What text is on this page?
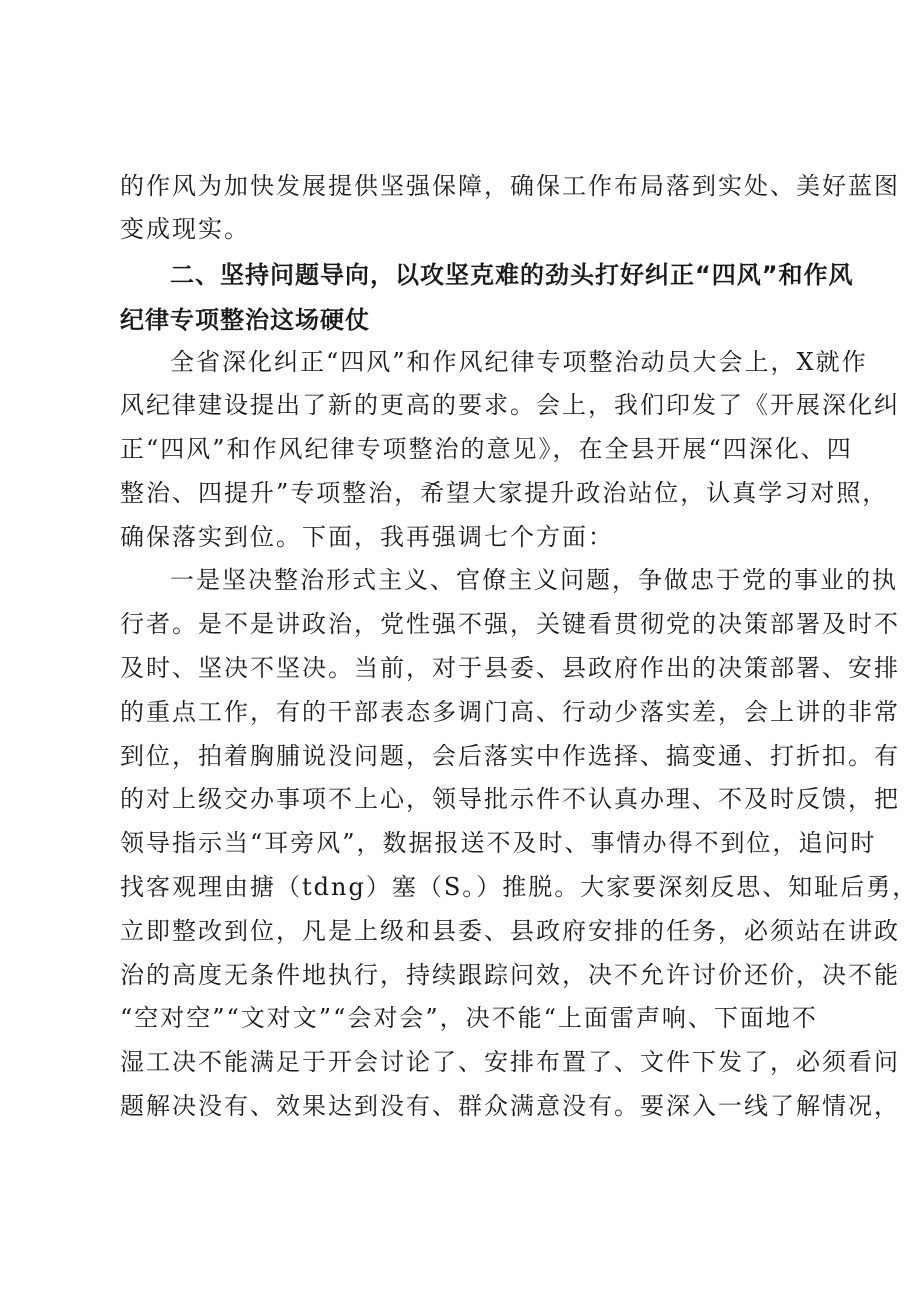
的作风为加快发展提供坚强保障，确保工作布局落到实处、美好蓝图
变成现实。
二、坚持问题导向，以攻坚克难的劲头打好纠正“四风”和作风
纪律专项整治这场硬仗
全省深化纠正“四风”和作风纪律专项整治动员大会上，X就作
风纪律建设提出了新的更高的要求。会上，我们印发了《开展深化纠
正“四风”和作风纪律专项整治的意见》，在全县开展“四深化、四
整治、四提升”专项整治，希望大家提升政治站位，认真学习对照，
确保落实到位。下面，我再强调七个方面：
一是坚决整治形式主义、官僚主义问题，争做忠于党的事业的执
行者。是不是讲政治，党性强不强，关键看贯彻党的决策部署及时不
及时、坚决不坚决。当前，对于县委、县政府作出的决策部署、安排
的重点工作，有的干部表态多调门高、行动少落实差，会上讲的非常
到位，拍着胸脯说没问题，会后落实中作选择、搞变通、打折扣。有
的对上级交办事项不上心，领导批示件不认真办理、不及时反馈，把
领导指示当“耳旁风”，数据报送不及时、事情办得不到位，追问时
找客观理由搪（tdng）塞（S。）推脱。大家要深刻反思、知耻后勇，
立即整改到位，凡是上级和县委、县政府安排的任务，必须站在讲政
治的高度无条件地执行，持续跟踪问效，决不允许讨价还价，决不能
“空对空”“文对文”“会对会”，决不能“上面雷声响、下面地不
湿工决不能满足于开会讨论了、安排布置了、文件下发了，必须看问
题解决没有、效果达到没有、群众满意没有。要深入一线了解情况，
